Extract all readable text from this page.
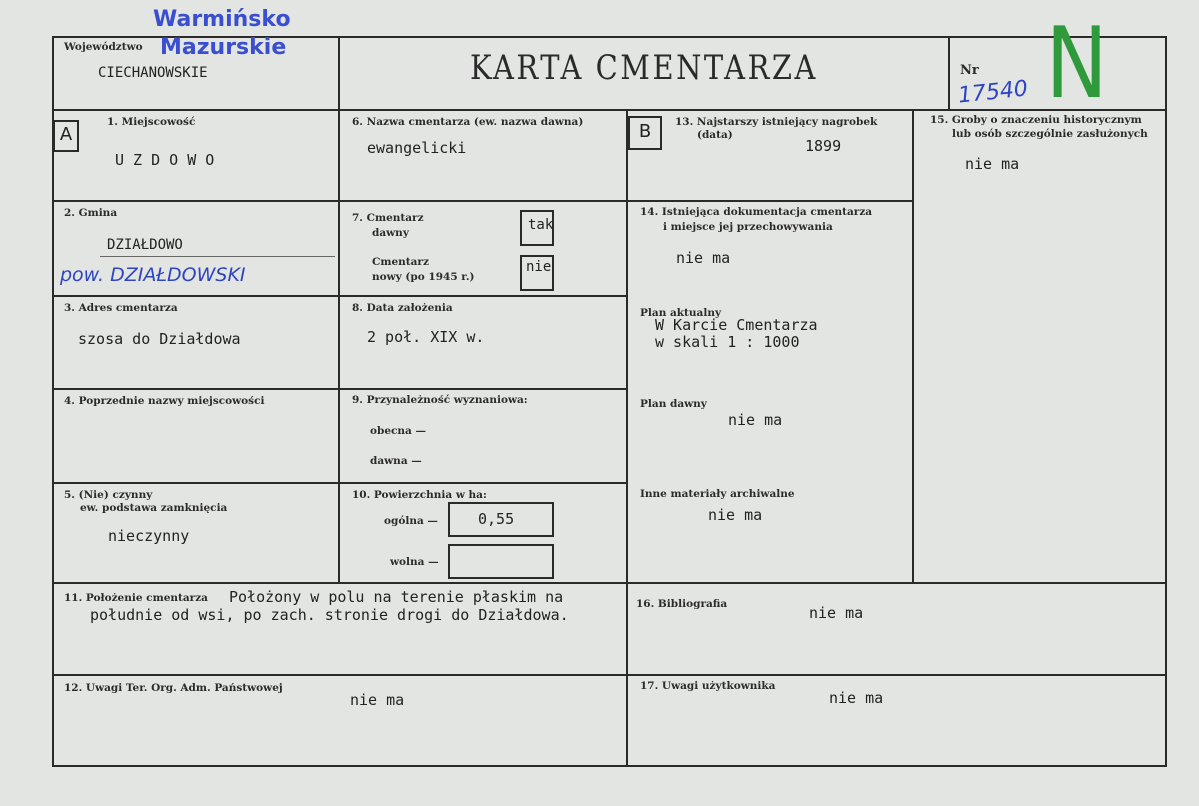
Warmińsko
Mazurskie
Województwo
CIECHANOWSKIE	KARTA CMENTARZA	Nr
17540 N
A
1. Miejscowość
U Z D O W O
2. Gmina
DZIAŁDOWO
pow. DZIAŁDOWSKI
3. Adres cmentarza
szosa do Działdowa
4. Poprzednie nazwy miejscowości
5. (Nie) czynny
ew. podstawa zamknięcia
nieczynny
6. Nazwa cmentarza (ew. nazwa dawna)
ewangelicki
7. Cmentarz
dawny	tak
Cmentarz
nowy (po 1945 r.)
nie
8. Data założenia
2 poł. XIX w.
9. Przynależność wyznaniowa:
obecna —
dawna —
10. Powierzchnia w ha:
ogólna —	0,55
wolna —
B	13. Najstarszy istniejący nagrobek
(data)
1899
14. Istniejąca dokumentacja cmentarza
i miejsce jej przechowywania
nie ma
Plan aktualny
W Karcie Cmentarza
w skali 1 : 1000
Plan dawny
nie ma
Inne materiały archiwalne
nie ma
15. Groby o znaczeniu historycznym
lub osób szczególnie zasłużonych
nie ma
11. Położenie cmentarza Położony w polu na terenie płaskim na
południe od wsi, po zach. stronie drogi do Działdowa.
16. Bibliografia	nie ma
12. Uwagi Ter. Org. Adm. Państwowej
nie ma
17. Uwagi użytkownika
nie ma
